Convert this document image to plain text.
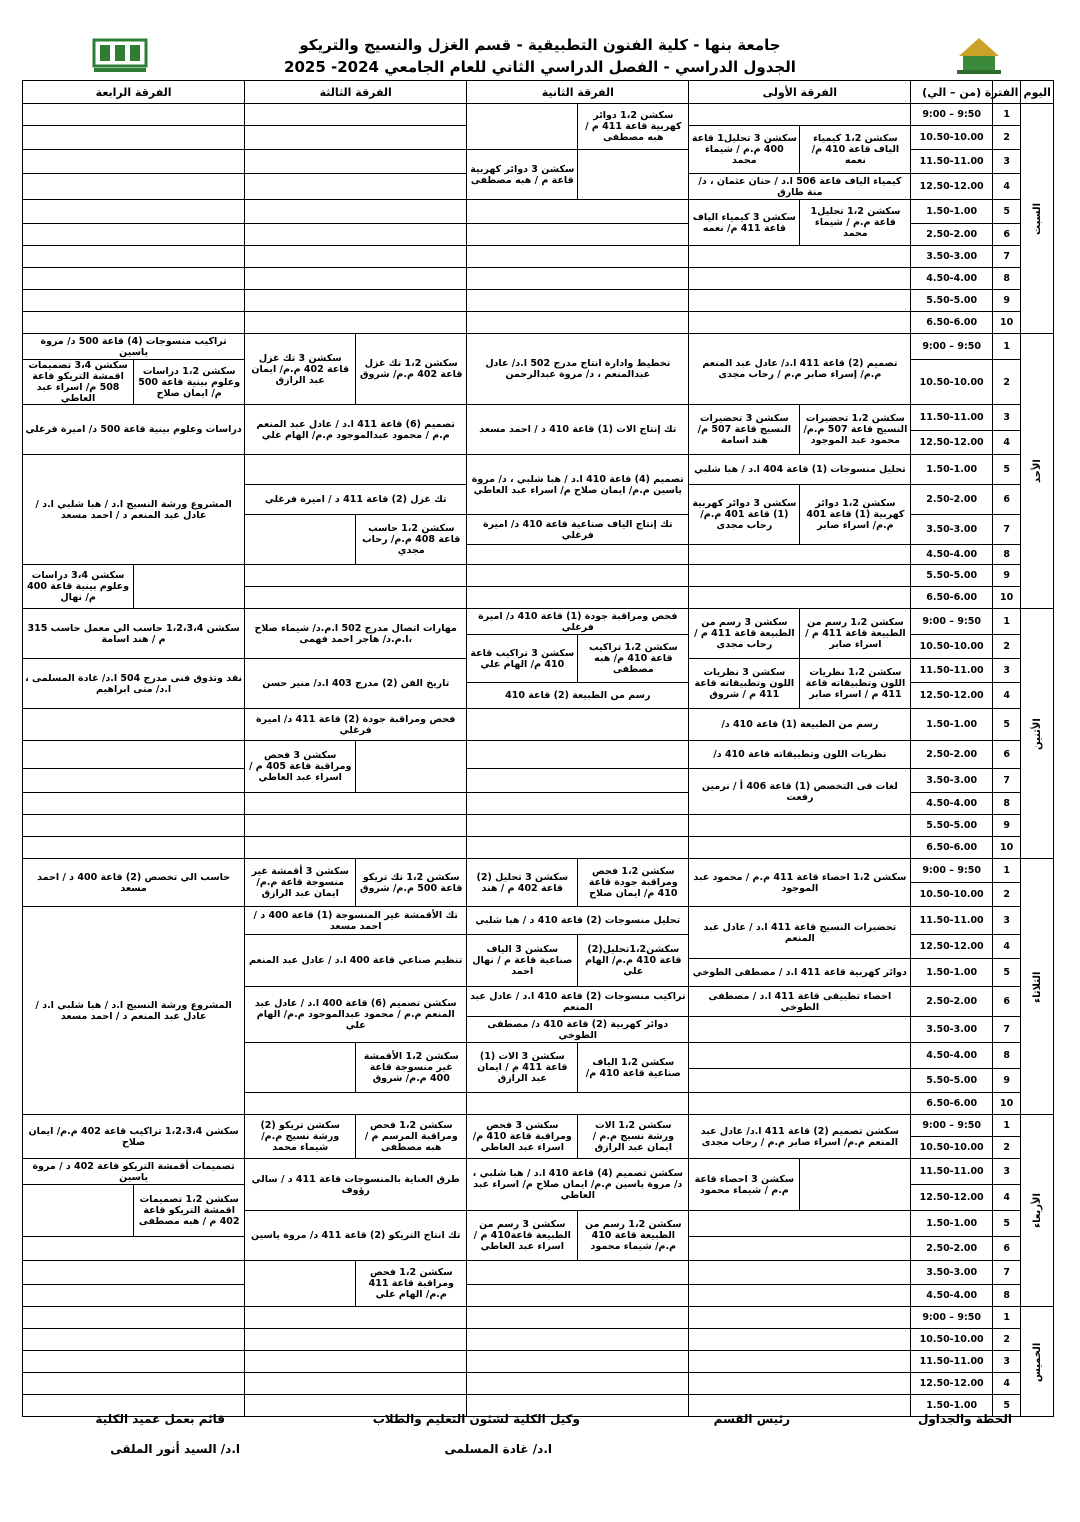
جامعة بنها - كلية الفنون التطبيقية - قسم الغزل والنسيج والتريكو
الجدول الدراسي - الفصل الدراسي الثاني للعام الجامعي 2024- 2025
اليوم	الفترة	(من – الي)	الفرقة الأولى		الفرقة الثانية		الفرقة الثالثة		الفرقة الرابعة	
السبت	1	9:50 – 9:00			سكشن 1،2 دوائر كهربية قاعة 411 م / هبه مصطفى					
	2	10.50-10.00	سكشن 1،2 كيمياء الياف قاعة 410 م/ نعمه	سكشن 3 تحليل1 قاعة 400 م.م / شيماء محمد						
	3	11.50-11.00				سكشن 3 دوائر كهربية قاعة م / هبه مصطفى				
	4	12.50-12.00	كيمياء الياف قاعة 506 ا.د / حنان عثمان ، د/ منة طارق							
	5	1.50-1.00	سكشن 1،2 تحليل1 قاعة م.م / شيماء محمد	سكشن 3 كيمياء الياف قاعة 411 م/ نعمه						
	6	2.50-2.00								
	7	3.50-3.00								
	8	4.50-4.00								
	9	5.50-5.00								
	10	6.50-6.00								
الأحد	1	9:50 – 9:00	تصميم (2) قاعة 411 ا.د/ عادل عبد المنعم م.م/ إسراء صابر م.م / رحاب مجدى		تخطيط وادارة انتاج مدرج 502 ا.د/ عادل عبدالمنعم ، د/ مروة عبدالرحمن		سكشن 1،2 تك غزل قاعة 402 م.م/ شروق	سكشن 3 تك غزل قاعة 402 م.م/ ايمان عبد الرازق	تراكيب منسوجات (4) قاعة 500 د/ مروة ياسين	
	2	10.50-10.00							سكشن 1،2 دراسات وعلوم بينية قاعة 500 م/ ايمان صلاح	سكشن 3،4 تصميمات اقمشة التريكو قاعة 508 م/ اسراء عبد العاطي
	3	11.50-11.00	سكشن 1،2 تحضيرات النسيج قاعة 507 م.م/ محمود عبد الموجود	سكشن 3 تحضيرات النسيج قاعة 507 م/ هند اسامة	تك إنتاج الات (1) قاعة 410 د / احمد مسعد		تصميم (6) قاعة 411 ا.د / عادل عبد المنعم م.م / محمود عبدالموجود م.م/ الهام علي		دراسات وعلوم بينية قاعة 500 د/ اميرة فرغلي	
	4	12.50-12.00								
	5	1.50-1.00	تحليل منسوجات (1) قاعة 404 ا.د / هبا شلبي		تصميم (4) قاعة 410 ا.د / هبا شلبي ، د/ مروة ياسين م.م/ ايمان صلاح م/ اسراء عبد العاطي				المشروع ورشة النسيج ا.د / هبا شلبي ا.د / عادل عبد المنعم د / احمد مسعد	
	6	2.50-2.00	سكشن 1،2 دوائر كهربية (1) قاعة 401 م.م/ اسراء صابر	سكشن 3 دوائر كهربية (1) قاعة 401 م.م/ رحاب مجدى			تك غزل (2) قاعة 411 د / اميرة فرغلي			
	7	3.50-3.00			تك إنتاج الياف صناعية قاعة 410 د/ اميرة فرغلي		سكشن 1،2 حاسب قاعة 408 م.م/ رحاب مجدي			
	8	4.50-4.00								
	9	5.50-5.00								سكشن 3،4 دراسات وعلوم بينية قاعة 400 م/ نهال
	10	6.50-6.00								
الأثنين	1	9:50 – 9:00	سكشن 1،2 رسم من الطبيعة قاعة 411 م / اسراء صابر	سكشن 3 رسم من الطبيعة قاعة 411 م / رحاب مجدى	فحص ومراقبة جودة (1) قاعة 410 د/ اميرة فرغلي		مهارات اتصال مدرج 502 ا.م.د/ شيماء صلاح ،ا.م.د/ هاجر احمد فهمى		سكشن 1،2،3،4 حاسب الي معمل حاسب 315 م / هند اسامة	
	2	10.50-10.00			سكشن 1،2 تراكيب قاعة 410 م/ هبه مصطفى	سكشن 3 تراكيب قاعة 410 م/ الهام علي				
	3	11.50-11.00	سكشن 1،2 نظريات اللون وتطبيقاته قاعة 411 م / اسراء صابر	سكشن 3 نظريات اللون وتطبيقاته قاعة 411 م / شروق			تاريخ الفن (2) مدرج 403 ا.د/ منير حسن		نقد وتذوق فنى مدرج 504 ا.د/ غادة المسلمى ، ا.د/ منى ابراهيم	
	4	12.50-12.00			رسم من الطبيعة (2) قاعة 410					
	5	1.50-1.00	رسم من الطبيعة (1) قاعة 410 د/				فحص ومراقبة جودة (2) قاعة 411 د/ اميرة فرغلي			
	6	2.50-2.00	نظريات اللون وتطبيقاته قاعة 410 د/					سكشن 3 فحص ومراقبة قاعة 405 م / اسراء عبد العاطي		
	7	3.50-3.00	لغات فى التخصص (1) قاعة 406 أ / نرمين رفعت							
	8	4.50-4.00								
	9	5.50-5.00								
	10	6.50-6.00								
الثلاثاء	1	9:50 – 9:00	سكشن 1،2 احصاء قاعة 411 م.م / محمود عبد الموجود		سكشن 1،2 فحص ومراقبة جودة قاعة 410 م/ ايمان صلاح	سكشن 3 تحليل (2) قاعة 402 م / هند	سكشن 1،2 تك تريكو قاعة 500 م.م/ شروق	سكشن 3 أقمشة غير منسوجة قاعة م.م/ ايمان عبد الرازق	حاسب الي تخصص (2) قاعة 400 د / احمد مسعد	
	2	10.50-10.00								
	3	11.50-11.00	تحضيرات النسيج قاعة 411 ا.د / عادل عبد المنعم		تحليل منسوجات (2) قاعة 410 د / هبا شلبي		تك الأقمشة غير المنسوجة (1) قاعة 400 د / احمد مسعد		المشروع ورشة النسيج ا.د / هبا شلبي ا.د / عادل عبد المنعم د / احمد مسعد	
	4	12.50-12.00			سكشن1،2تحليل(2) قاعة 410 م.م/ الهام علي	سكشن 3 الياف صناعية قاعة م / نهال احمد	تنظيم صناعي قاعة 400 ا.د / عادل عبد المنعم			
	5	1.50-1.00	دوائر كهربية قاعة 411 ا.د / مصطفى الطوخي							
	6	2.50-2.00	احصاء تطبيقى قاعة 411 ا.د / مصطفى الطوخي		تراكيب منسوجات (2) قاعة 410 ا.د / عادل عبد المنعم		سكشن تصميم (6) قاعة 400 ا.د / عادل عبد المنعم م.م / محمود عبدالموجود م.م/ الهام علي			
	7	3.50-3.00			دوائر كهربية (2) قاعة 410 د/ مصطفى الطوخي					
	8	4.50-4.00			سكشن 1،2 الياف صناعية قاعة 410 م/	سكشن 3 الات (1) قاعة 411 م / ايمان عبد الرازق	سكشن 1،2 الأقمشة غير منسوجة قاعة 400 م.م/ شروق			
	9	5.50-5.00								
	10	6.50-6.00								
الأربعاء	1	9:50 – 9:00	سكشن تصميم (2) قاعة 411 ا.د/ عادل عبد المنعم م.م/ اسراء صابر م.م / رحاب مجدى		سكشن 1،2 الات ورشة نسيج م.م / ايمان عبد الرازق	سكشن 3 فحص ومراقبة قاعة 410 م/ اسراء عبد العاطي	سكشن 1،2 فحص ومراقبة المرسم م / هبه مصطفى	سكشن تريكو (2) ورشة نسيج م.م/ شيماء محمد	سكشن 1،2،3،4 تراكيب قاعة 402 م.م/ ايمان صلاح	
	2	10.50-10.00								
	3	11.50-11.00		سكشن 3 احصاء قاعة م.م / شيماء محمود	سكشن تصميم (4) قاعة 410 ا.د / هبا شلبي ، د/ مروة ياسين م.م/ ايمان صلاح م/ اسراء عبد العاطي		طرق العناية بالمنسوجات قاعة 411 د / سالي رؤوف		تصميمات أقمشة التريكو قاعة 402 د / مروة ياسين	
	4	12.50-12.00							سكشن 1،2 تصميمات اقمشة التريكو قاعة 402 م / هبه مصطفى	
	5	1.50-1.00			سكشن 1،2 رسم من الطبيعة قاعة 410 م.م/ شيماء محمود	سكشن 3 رسم من الطبيعة قاعة410 م / اسراء عبد العاطي	تك انتاج التريكو (2) قاعة 411 د/ مروة ياسين			
	6	2.50-2.00								
	7	3.50-3.00					سكشن 1،2 فحص ومراقبة قاعة 411 م.م/ الهام علي			
	8	4.50-4.00								
الخميس	1	9:50 – 9:00								
	2	10.50-10.00								
	3	11.50-11.00								
	4	12.50-12.00								
	5	1.50-1.00								
الخطة والجداول
رئيس القسم
وكيل الكلية لشئون التعليم والطلاب
قائم بعمل عميد الكلية
ا.د/ غادة المسلمى
ا.د/ السيد أنور الملقى
